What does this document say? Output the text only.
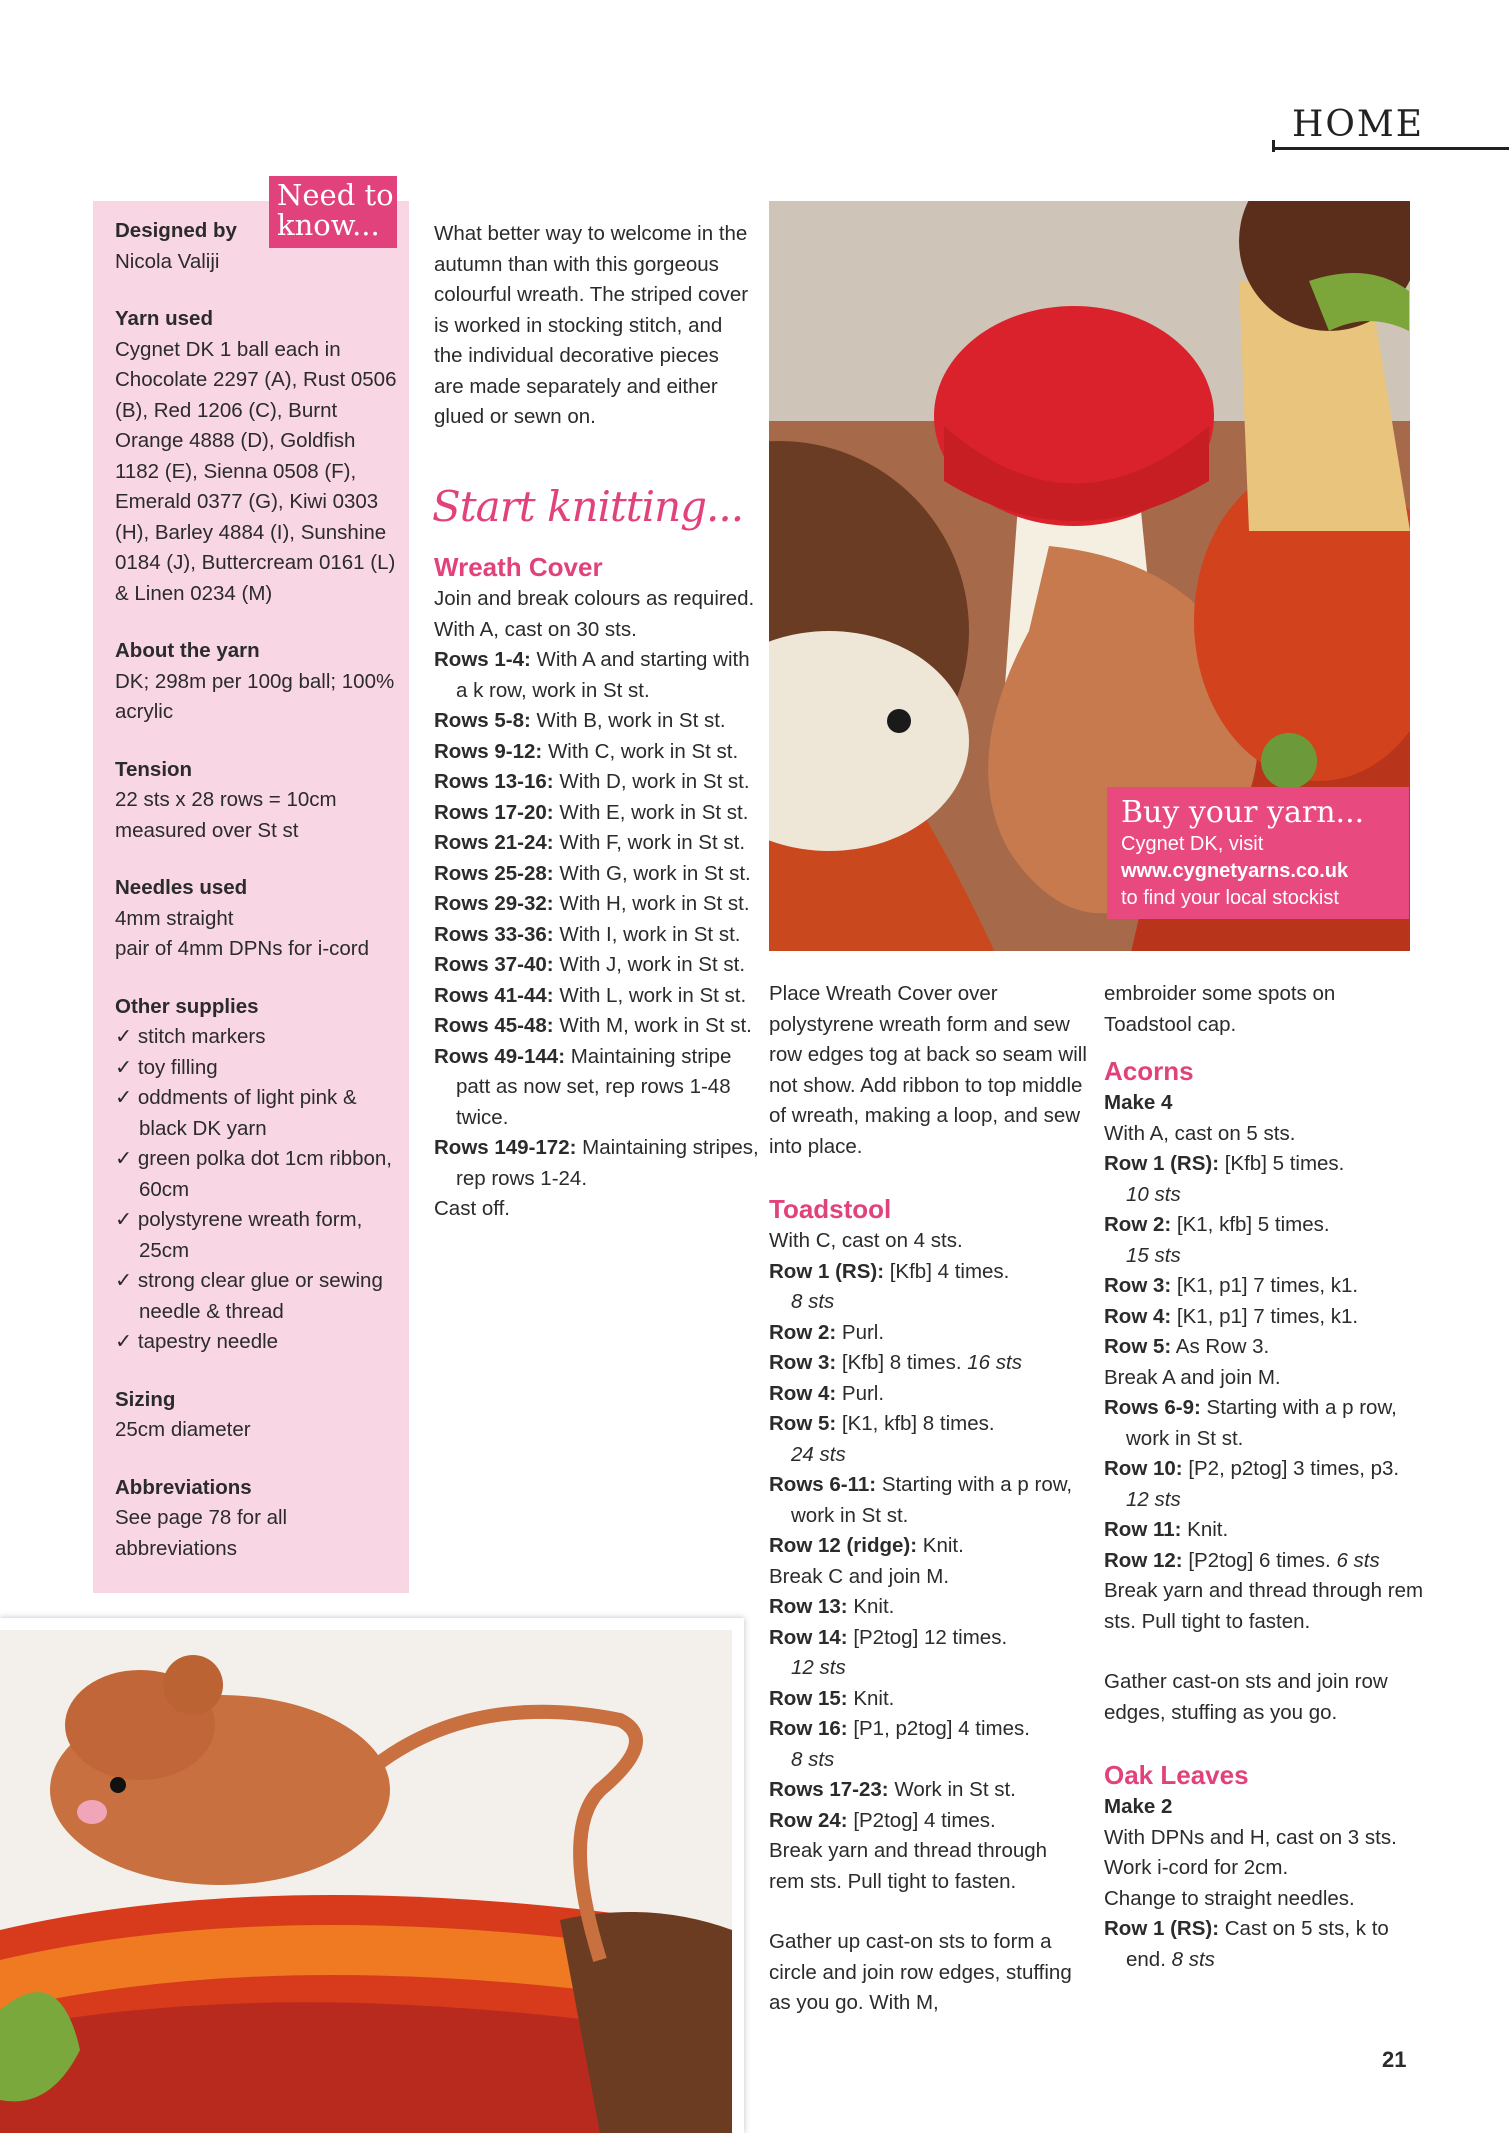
HOME
Need to know...
Designed by
Nicola Valiji
Yarn used
Cygnet DK 1 ball each in Chocolate 2297 (A), Rust 0506 (B), Red 1206 (C), Burnt Orange 4888 (D), Goldfish 1182 (E), Sienna 0508 (F), Emerald 0377 (G), Kiwi 0303 (H), Barley 4884 (I), Sunshine 0184 (J), Buttercream 0161 (L) & Linen 0234 (M)
About the yarn
DK; 298m per 100g ball; 100% acrylic
Tension
22 sts x 28 rows = 10cm measured over St st
Needles used
4mm straight
pair of 4mm DPNs for i-cord
Other supplies
✓ stitch markers
✓ toy filling
✓ oddments of light pink & black DK yarn
✓ green polka dot 1cm ribbon, 60cm
✓ polystyrene wreath form, 25cm
✓ strong clear glue or sewing needle & thread
✓ tapestry needle
Sizing
25cm diameter
Abbreviations
See page 78 for all abbreviations
What better way to welcome in the autumn than with this gorgeous colourful wreath. The striped cover is worked in stocking stitch, and the individual decorative pieces are made separately and either glued or sewn on.
Start knitting...

Wreath Cover

Join and break colours as required.

With A, cast on 30 sts.

Rows 1-4: With A and starting with a k row, work in St st.

Rows 5-8: With B, work in St st.

Rows 9-12: With C, work in St st.

Rows 13-16: With D, work in St st.

Rows 17-20: With E, work in St st.

Rows 21-24: With F, work in St st.

Rows 25-28: With G, work in St st.

Rows 29-32: With H, work in St st.

Rows 33-36: With I, work in St st.

Rows 37-40: With J, work in St st.

Rows 41-44: With L, work in St st.

Rows 45-48: With M, work in St st.

Rows 49-144: Maintaining stripe patt as now set, rep rows 1-48 twice.

Rows 149-172: Maintaining stripes, rep rows 1-24.

Cast off.

Buy your yarn...
Cygnet DK, visit
www.cygnetyarns.co.uk
to find your local stockist

Place Wreath Cover over polystyrene wreath form and sew row edges tog at back so seam will not show. Add ribbon to top middle of wreath, making a loop, and sew into place.

Toadstool

With C, cast on 4 sts.

Row 1 (RS): [Kfb] 4 times.

8 sts

Row 2: Purl.

Row 3: [Kfb] 8 times. 16 sts

Row 4: Purl.

Row 5: [K1, kfb] 8 times.

24 sts

Rows 6-11: Starting with a p row, work in St st.

Row 12 (ridge): Knit.

Break C and join M.

Row 13: Knit.

Row 14: [P2tog] 12 times.

12 sts

Row 15: Knit.

Row 16: [P1, p2tog] 4 times.

8 sts

Rows 17-23: Work in St st.

Row 24: [P2tog] 4 times.

Break yarn and thread through rem sts. Pull tight to fasten.

Gather up cast-on sts to form a circle and join row edges, stuffing as you go. With M,

embroider some spots on Toadstool cap.

Acorns

Make 4

With A, cast on 5 sts.

Row 1 (RS): [Kfb] 5 times.

10 sts

Row 2: [K1, kfb] 5 times.

15 sts

Row 3: [K1, p1] 7 times, k1.

Row 4: [K1, p1] 7 times, k1.

Row 5: As Row 3.

Break A and join M.

Rows 6-9: Starting with a p row, work in St st.

Row 10: [P2, p2tog] 3 times, p3. 12 sts

Row 11: Knit.

Row 12: [P2tog] 6 times. 6 sts

Break yarn and thread through rem sts. Pull tight to fasten.

Gather cast-on sts and join row edges, stuffing as you go.

Oak Leaves

Make 2

With DPNs and H, cast on 3 sts.

Work i-cord for 2cm.

Change to straight needles.

Row 1 (RS): Cast on 5 sts, k to end. 8 sts

21
